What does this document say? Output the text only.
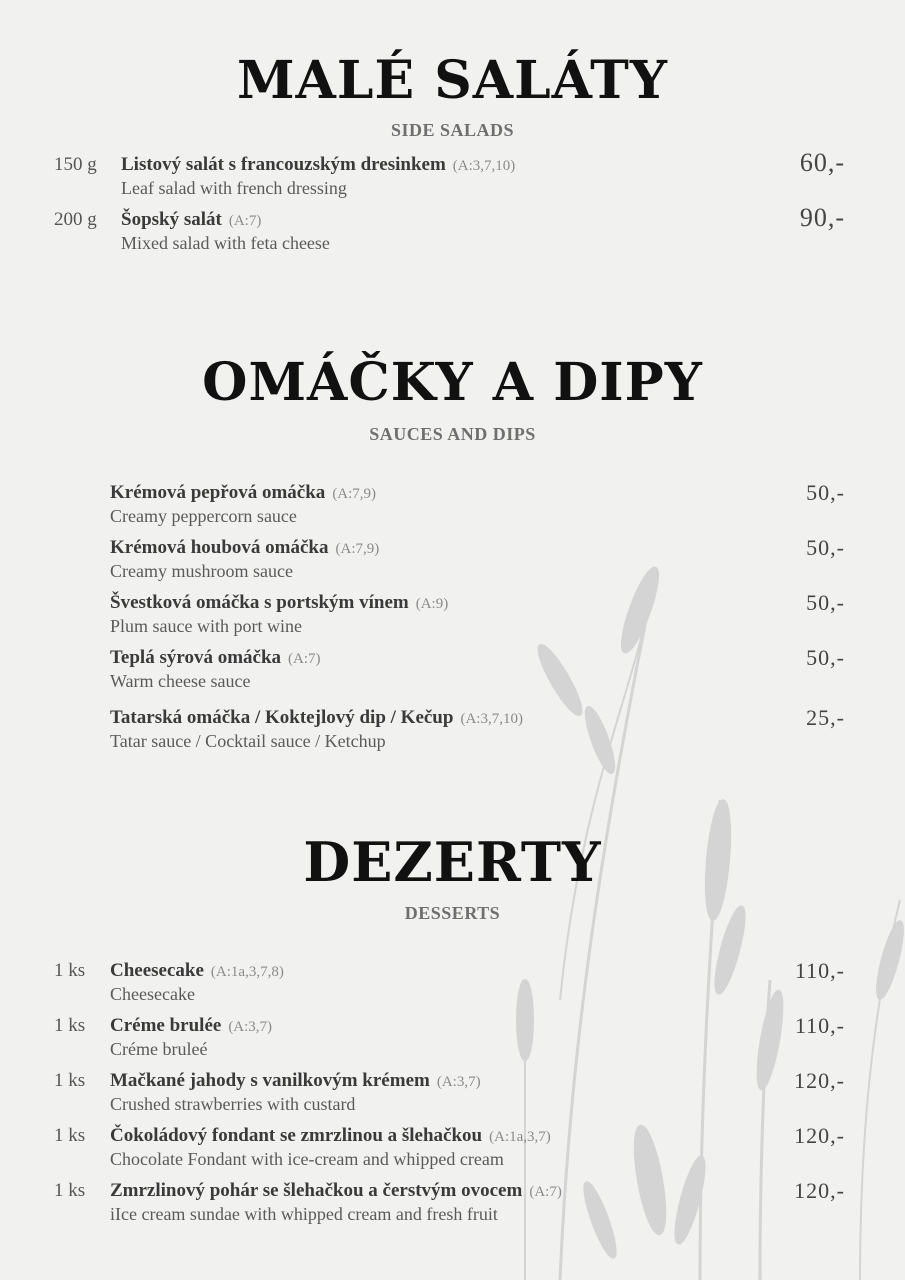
MALÉ SALÁTY
SIDE SALADS
150 g Listový salát s francouzským dresinkem (A:3,7,10)
Leaf salad with french dressing
60,-
200 g Šopský salát (A:7)
Mixed salad with feta cheese
90,-
OMÁČKY A DIPY
SAUCES AND DIPS
Krémová pepřová omáčka (A:7,9)
Creamy peppercorn sauce
50,-
Krémová houbová omáčka (A:7,9)
Creamy mushroom sauce
50,-
Švestková omáčka s portským vínem (A:9)
Plum sauce with port wine
50,-
Teplá sýrová omáčka (A:7)
Warm cheese sauce
50,-
Tatarská omáčka / Koktejlový dip / Kečup (A:3,7,10)
Tatar sauce / Cocktail sauce / Ketchup
25,-
DEZERTY
DESSERTS
1 ks Cheesecake (A:1a,3,7,8)
Cheesecake
110,-
1 ks Créme brulée (A:3,7)
Créme bruleé
110,-
1 ks Mačkané jahody s vanilkovým krémem (A:3,7)
Crushed strawberries with custard
120,-
1 ks Čokoládový fondant se zmrzlinou a šlehačkou (A:1a,3,7)
Chocolate Fondant with ice-cream and whipped cream
120,-
1 ks Zmrzlinový pohár se šlehačkou a čerstvým ovocem (A:7)
iIce cream sundae with whipped cream and fresh fruit
120,-
